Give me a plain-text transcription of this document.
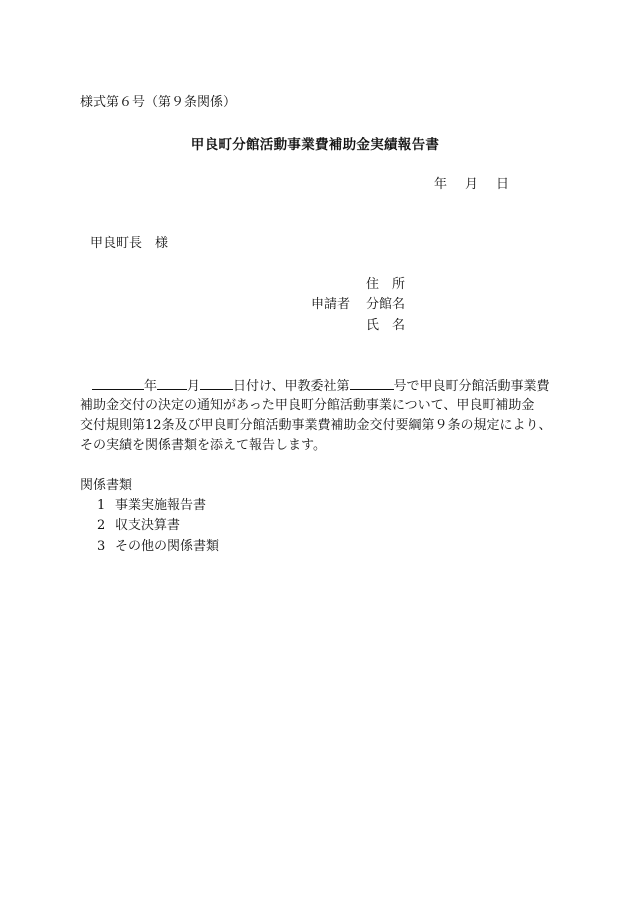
様式第６号（第９条関係）
甲良町分館活動事業費補助金実績報告書
年 月 日
甲良町長　様
住　所
申請者 分館名
氏　名
年 月	日付け、甲教委社第	号で甲良町分館活動事業費
補助金交付の決定の通知があった甲良町分館活動事業について、甲良町補助金
交付規則第12条及び甲良町分館活動事業費補助金交付要綱第９条の規定により、
その実績を関係書類を添えて報告します。
関係書類
1 事業実施報告書
2 収支決算書
3 その他の関係書類
